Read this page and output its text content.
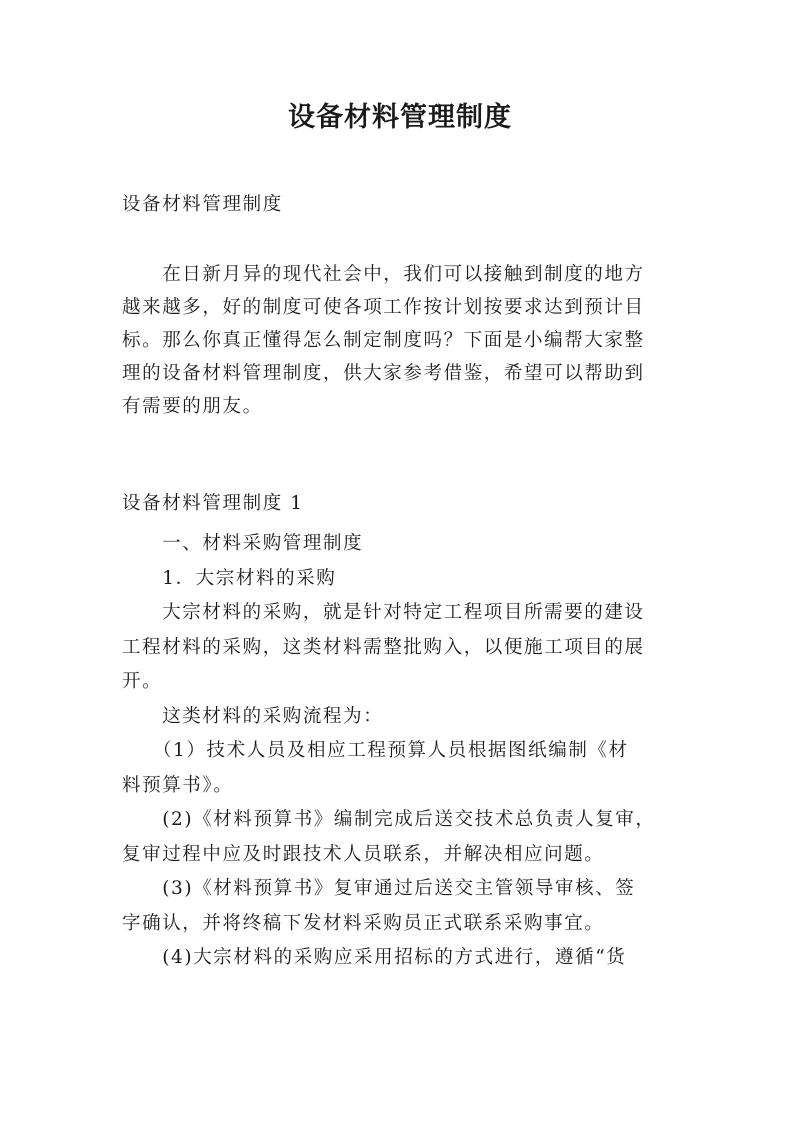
设备材料管理制度
设备材料管理制度
　　在日新月异的现代社会中，我们可以接触到制度的地方
越来越多，好的制度可使各项工作按计划按要求达到预计目
标。那么你真正懂得怎么制定制度吗？下面是小编帮大家整
理的设备材料管理制度，供大家参考借鉴，希望可以帮助到
有需要的朋友。
设备材料管理制度 1
　　一、材料采购管理制度
　　1．大宗材料的采购
　　大宗材料的采购，就是针对特定工程项目所需要的建设
工程材料的采购，这类材料需整批购入，以便施工项目的展
开。
　　这类材料的采购流程为：
　　（1）技术人员及相应工程预算人员根据图纸编制《材
料预算书》。
　　(2)《材料预算书》编制完成后送交技术总负责人复审，
复审过程中应及时跟技术人员联系，并解决相应问题。
　　(3)《材料预算书》复审通过后送交主管领导审核、签
字确认，并将终稿下发材料采购员正式联系采购事宜。
　　(4)大宗材料的采购应采用招标的方式进行，遵循“货
